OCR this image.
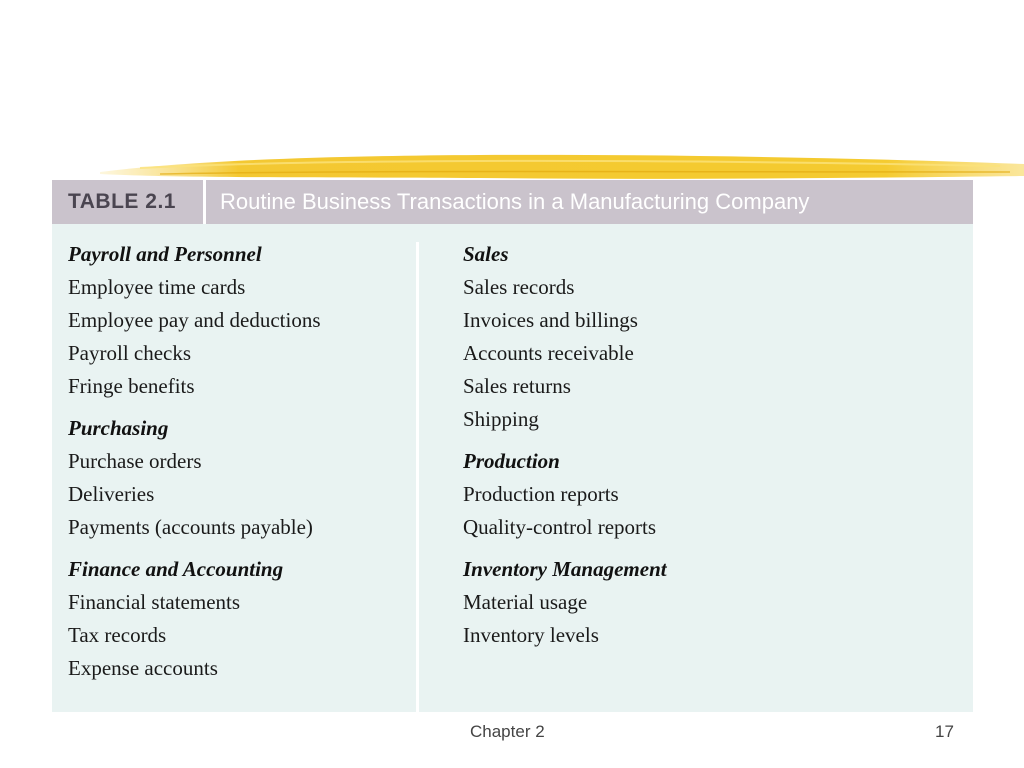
TABLE 2.1 Routine Business Transactions in a Manufacturing Company
Payroll and Personnel
Employee time cards
Employee pay and deductions
Payroll checks
Fringe benefits
Purchasing
Purchase orders
Deliveries
Payments (accounts payable)
Finance and Accounting
Financial statements
Tax records
Expense accounts
Sales
Sales records
Invoices and billings
Accounts receivable
Sales returns
Shipping
Production
Production reports
Quality-control reports
Inventory Management
Material usage
Inventory levels
Chapter 2	17
